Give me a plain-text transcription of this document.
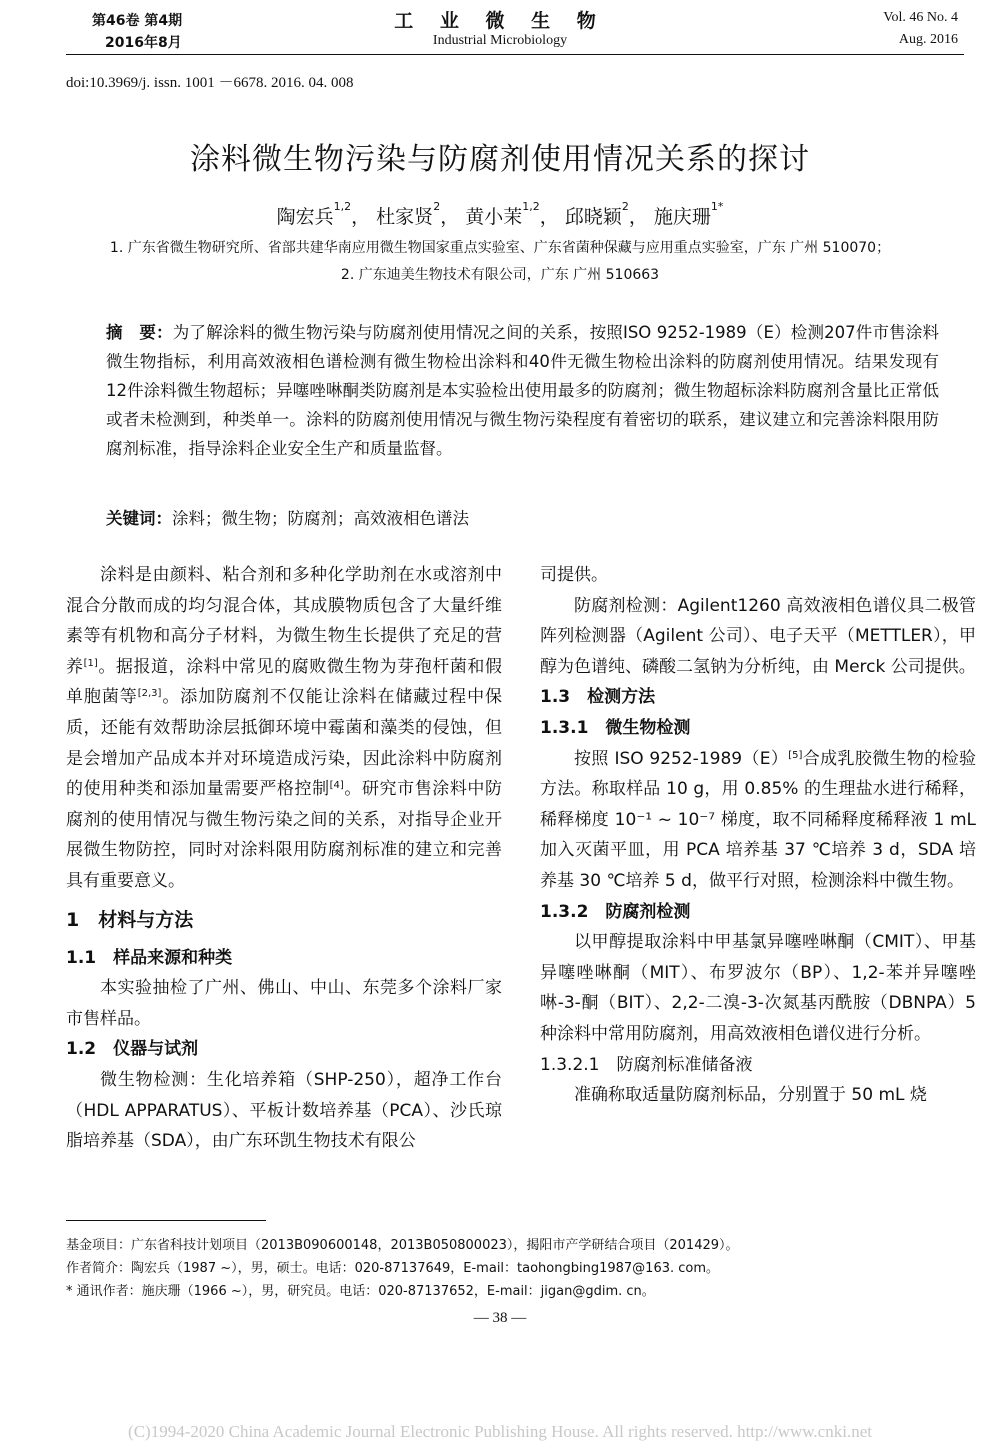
第46卷 第4期
2016年8月
工 业 微 生 物
Industrial Microbiology
Vol. 46 No. 4
Aug. 2016
doi:10.3969/j. issn. 1001 －6678. 2016. 04. 008
涂料微生物污染与防腐剂使用情况关系的探讨
陶宏兵$^{1,2}$， 杜家贤$^2$， 黄小茉$^{1,2}$， 邱晓颖$^2$， 施庆珊$^{1*}$
1. 广东省微生物研究所、省部共建华南应用微生物国家重点实验室、广东省菌种保藏与应用重点实验室，广东 广州 510070；
2. 广东迪美生物技术有限公司，广东 广州 510663
摘　要：为了解涂料的微生物污染与防腐剂使用情况之间的关系，按照ISO 9252-1989（E）检测207件市售涂料微生物指标，利用高效液相色谱检测有微生物检出涂料和40件无微生物检出涂料的防腐剂使用情况。结果发现有12件涂料微生物超标；异噻唑啉酮类防腐剂是本实验检出使用最多的防腐剂；微生物超标涂料防腐剂含量比正常低或者未检测到，种类单一。涂料的防腐剂使用情况与微生物污染程度有着密切的联系，建议建立和完善涂料限用防腐剂标准，指导涂料企业安全生产和质量监督。
关键词：涂料；微生物；防腐剂；高效液相色谱法

涂料是由颜料、粘合剂和多种化学助剂在水或溶剂中混合分散而成的均匀混合体，其成膜物质包含了大量纤维素等有机物和高分子材料，为微生物生长提供了充足的营养[1]。据报道，涂料中常见的腐败微生物为芽孢杆菌和假单胞菌等[2,3]。添加防腐剂不仅能让涂料在储藏过程中保质，还能有效帮助涂层抵御环境中霉菌和藻类的侵蚀，但是会增加产品成本并对环境造成污染，因此涂料中防腐剂的使用种类和添加量需要严格控制[4]。研究市售涂料中防腐剂的使用情况与微生物污染之间的关系，对指导企业开展微生物防控，同时对涂料限用防腐剂标准的建立和完善具有重要意义。

1　材料与方法

1.1　样品来源和种类

本实验抽检了广州、佛山、中山、东莞多个涂料厂家市售样品。

1.2　仪器与试剂

微生物检测：生化培养箱（SHP-250），超净工作台（HDL APPARATUS）、平板计数培养基（PCA）、沙氏琼脂培养基（SDA），由广东环凯生物技术有限公

司提供。

防腐剂检测：Agilent1260 高效液相色谱仪具二极管阵列检测器（Agilent 公司）、电子天平（METTLER），甲醇为色谱纯、磷酸二氢钠为分析纯，由 Merck 公司提供。

1.3　检测方法

1.3.1　微生物检测

按照 ISO 9252-1989（E）[5]合成乳胶微生物的检验方法。称取样品 10 g，用 0.85% 的生理盐水进行稀释，稀释梯度 10⁻¹ ~ 10⁻⁷ 梯度，取不同稀释度稀释液 1 mL 加入灭菌平皿，用 PCA 培养基 37 ℃培养 3 d，SDA 培养基 30 ℃培养 5 d，做平行对照，检测涂料中微生物。

1.3.2　防腐剂检测

以甲醇提取涂料中甲基氯异噻唑啉酮（CMIT）、甲基异噻唑啉酮（MIT）、布罗波尔（BP）、1,2-苯并异噻唑啉-3-酮（BIT）、2,2-二溴-3-次氮基丙酰胺（DBNPA）5 种涂料中常用防腐剂，用高效液相色谱仪进行分析。

1.3.2.1　防腐剂标准储备液

准确称取适量防腐剂标品，分别置于 50 mL 烧

基金项目：广东省科技计划项目（2013B090600148，2013B050800023），揭阳市产学研结合项目（201429）。
作者简介：陶宏兵（1987 ~），男，硕士。电话：020-87137649，E-mail：taohongbing1987@163. com。
* 通讯作者：施庆珊（1966 ~），男，研究员。电话：020-87137652，E-mail：jigan@gdim. cn。
— 38 —
(C)1994-2020 China Academic Journal Electronic Publishing House. All rights reserved. http://www.cnki.net
